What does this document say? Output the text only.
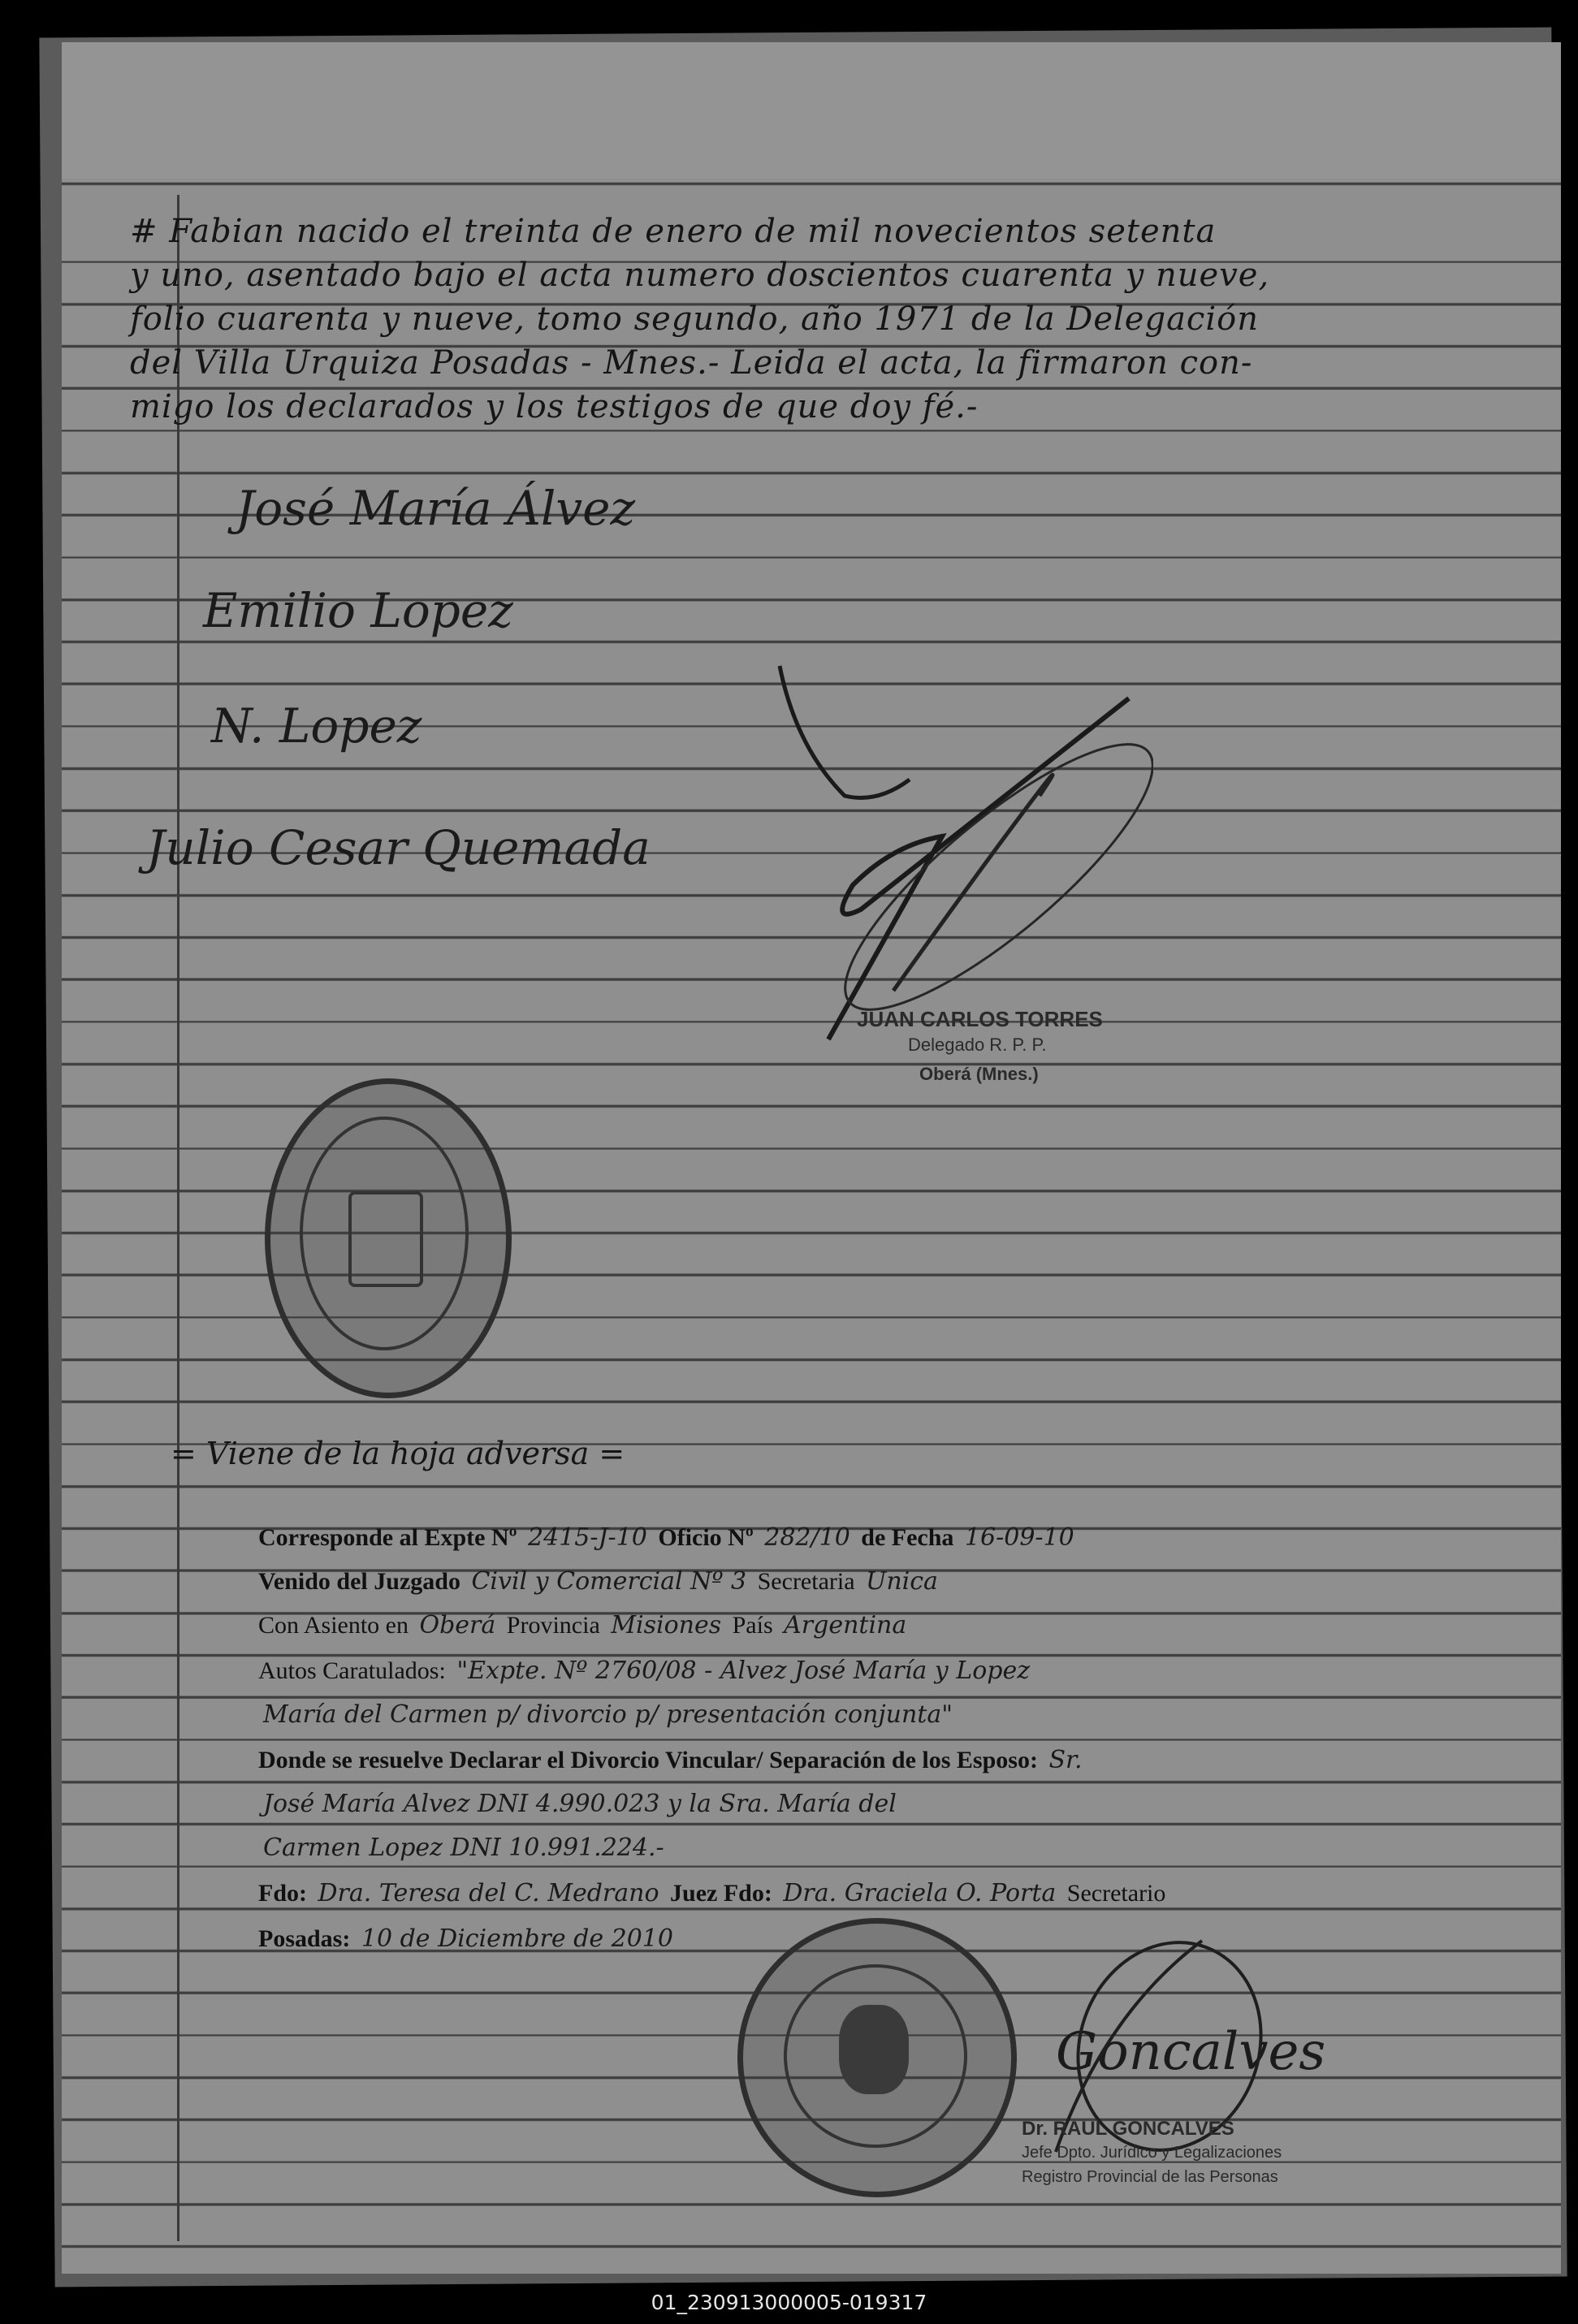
# Fabian nacido el treinta de enero de mil novecientos setenta
y uno, asentado bajo el acta numero doscientos cuarenta y nueve,
folio cuarenta y nueve, tomo segundo, año 1971 de la Delegación
del Villa Urquiza Posadas - Mnes.- Leida el acta, la firmaron con-
migo los declarados y los testigos de que doy fé.-
José María Álvez
Emilio Lopez
N. Lopez
Julio Cesar Quemada
JUAN CARLOS TORRES
Delegado R. P. P.
Oberá (Mnes.)
= Viene de la hoja adversa =
Corresponde al Expte Nº 2415-J-10 Oficio Nº 282/10 de Fecha 16-09-10
Venido del Juzgado Civil y Comercial Nº 3 Secretaria Unica
Con Asiento en Oberá Provincia Misiones País Argentina
Autos Caratulados: "Expte. Nº 2760/08 - Alvez José María y Lopez
María del Carmen p/ divorcio p/ presentación conjunta"
Donde se resuelve Declarar el Divorcio Vincular/ Separación de los Esposo: Sr.
José María Alvez DNI 4.990.023 y la Sra. María del
Carmen Lopez DNI 10.991.224.-
Fdo: Dra. Teresa del C. Medrano Juez Fdo: Dra. Graciela O. Porta Secretario
Posadas: 10 de Diciembre de 2010
Goncalves
Dr. RAUL GONCALVES
Jefe Dpto. Jurídico y Legalizaciones
Registro Provincial de las Personas
01_230913000005-019317
